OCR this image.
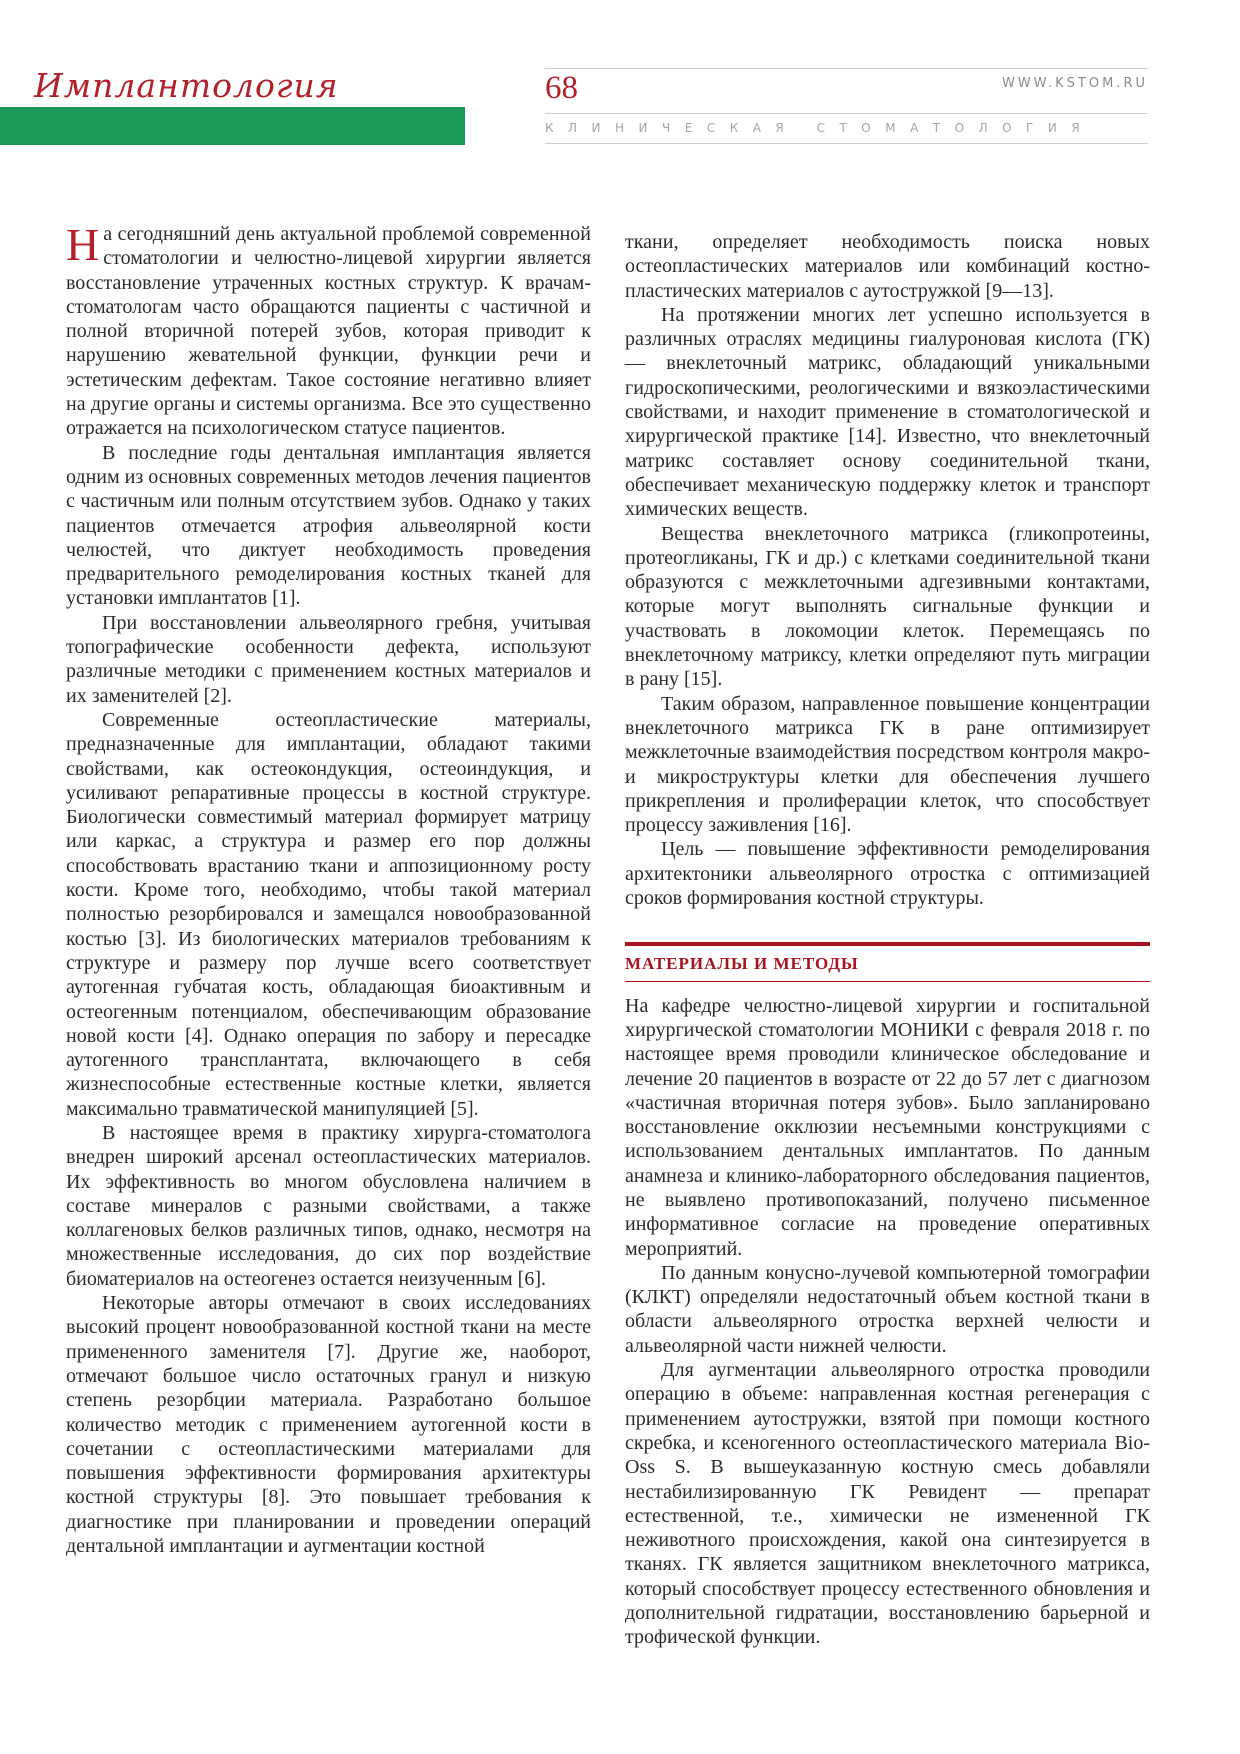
Имплантология	68	WWW.KSTOM.RU
КЛИНИЧЕСКАЯ СТОМАТОЛОГИЯ

На сегодняшний день актуальной проблемой современной стоматологии и челюстно-лицевой хирургии является восстановление утраченных костных структур. К врачам-стоматологам часто обращаются пациенты с частичной и полной вторичной потерей зубов, которая приводит к нарушению жевательной функции, функции речи и эстетическим дефектам. Такое состояние негативно влияет на другие органы и системы организма. Все это существенно отражается на психологическом статусе пациентов.

В последние годы дентальная имплантация является одним из основных современных методов лечения пациентов с частичным или полным отсутствием зубов. Однако у таких пациентов отмечается атрофия альвеолярной кости челюстей, что диктует необходимость проведения предварительного ремоделирования костных тканей для установки имплантатов [1].

При восстановлении альвеолярного гребня, учитывая топографические особенности дефекта, используют различные методики с применением костных материалов и их заменителей [2].

Современные остеопластические материалы, предназначенные для имплантации, обладают такими свойствами, как остеокондукция, остеоиндукция, и усиливают репаративные процессы в костной структуре. Биологически совместимый материал формирует матрицу или каркас, а структура и размер его пор должны способствовать врастанию ткани и аппозиционному росту кости. Кроме того, необходимо, чтобы такой материал полностью резорбировался и замещался новообразованной костью [3]. Из биологических материалов требованиям к структуре и размеру пор лучше всего соответствует аутогенная губчатая кость, обладающая биоактивным и остеогенным потенциалом, обеспечивающим образование новой кости [4]. Однако операция по забору и пересадке аутогенного трансплантата, включающего в себя жизнеспособные естественные костные клетки, является максимально травматической манипуляцией [5].

В настоящее время в практику хирурга-стоматолога внедрен широкий арсенал остеопластических материалов. Их эффективность во многом обусловлена наличием в составе минералов с разными свойствами, а также коллагеновых белков различных типов, однако, несмотря на множественные исследования, до сих пор воздействие биоматериалов на остеогенез остается неизученным [6].

Некоторые авторы отмечают в своих исследованиях высокий процент новообразованной костной ткани на месте примененного заменителя [7]. Другие же, наоборот, отмечают большое число остаточных гранул и низкую степень резорбции материала. Разработано большое количество методик с применением аутогенной кости в сочетании с остеопластическими материалами для повышения эффективности формирования архитектуры костной структуры [8]. Это повышает требования к диагностике при планировании и проведении операций дентальной имплантации и аугментации костной

ткани, определяет необходимость поиска новых остеопластических материалов или комбинаций костно-пластических материалов с аутостружкой [9—13].

На протяжении многих лет успешно используется в различных отраслях медицины гиалуроновая кислота (ГК) — внеклеточный матрикс, обладающий уникальными гидроскопическими, реологическими и вязкоэластическими свойствами, и находит применение в стоматологической и хирургической практике [14]. Известно, что внеклеточный матрикс составляет основу соединительной ткани, обеспечивает механическую поддержку клеток и транспорт химических веществ.

Вещества внеклеточного матрикса (гликопротеины, протеогликаны, ГК и др.) с клетками соединительной ткани образуются с межклеточными адгезивными контактами, которые могут выполнять сигнальные функции и участвовать в локомоции клеток. Перемещаясь по внеклеточному матриксу, клетки определяют путь миграции в рану [15].

Таким образом, направленное повышение концентрации внеклеточного матрикса ГК в ране оптимизирует межклеточные взаимодействия посредством контроля макро- и микроструктуры клетки для обеспечения лучшего прикрепления и пролиферации клеток, что способствует процессу заживления [16].

Цель — повышение эффективности ремоделирования архитектоники альвеолярного отростка с оптимизацией сроков формирования костной структуры.

МАТЕРИАЛЫ И МЕТОДЫ

На кафедре челюстно-лицевой хирургии и госпитальной хирургической стоматологии МОНИКИ с февраля 2018 г. по настоящее время проводили клиническое обследование и лечение 20 пациентов в возрасте от 22 до 57 лет с диагнозом «частичная вторичная потеря зубов». Было запланировано восстановление окклюзии несъемными конструкциями с использованием дентальных имплантатов. По данным анамнеза и клинико-лабораторного обследования пациентов, не выявлено противопоказаний, получено письменное информативное согласие на проведение оперативных мероприятий.

По данным конусно-лучевой компьютерной томографии (КЛКТ) определяли недостаточный объем костной ткани в области альвеолярного отростка верхней челюсти и альвеолярной части нижней челюсти.

Для аугментации альвеолярного отростка проводили операцию в объеме: направленная костная регенерация с применением аутостружки, взятой при помощи костного скребка, и ксеногенного остеопластического материала Bio-Oss S. В вышеуказанную костную смесь добавляли нестабилизированную ГК Ревидент — препарат естественной, т.е., химически не измененной ГК неживотного происхождения, какой она синтезируется в тканях. ГК является защитником внеклеточного матрикса, который способствует процессу естественного обновления и дополнительной гидратации, восстановлению барьерной и трофической функции.
